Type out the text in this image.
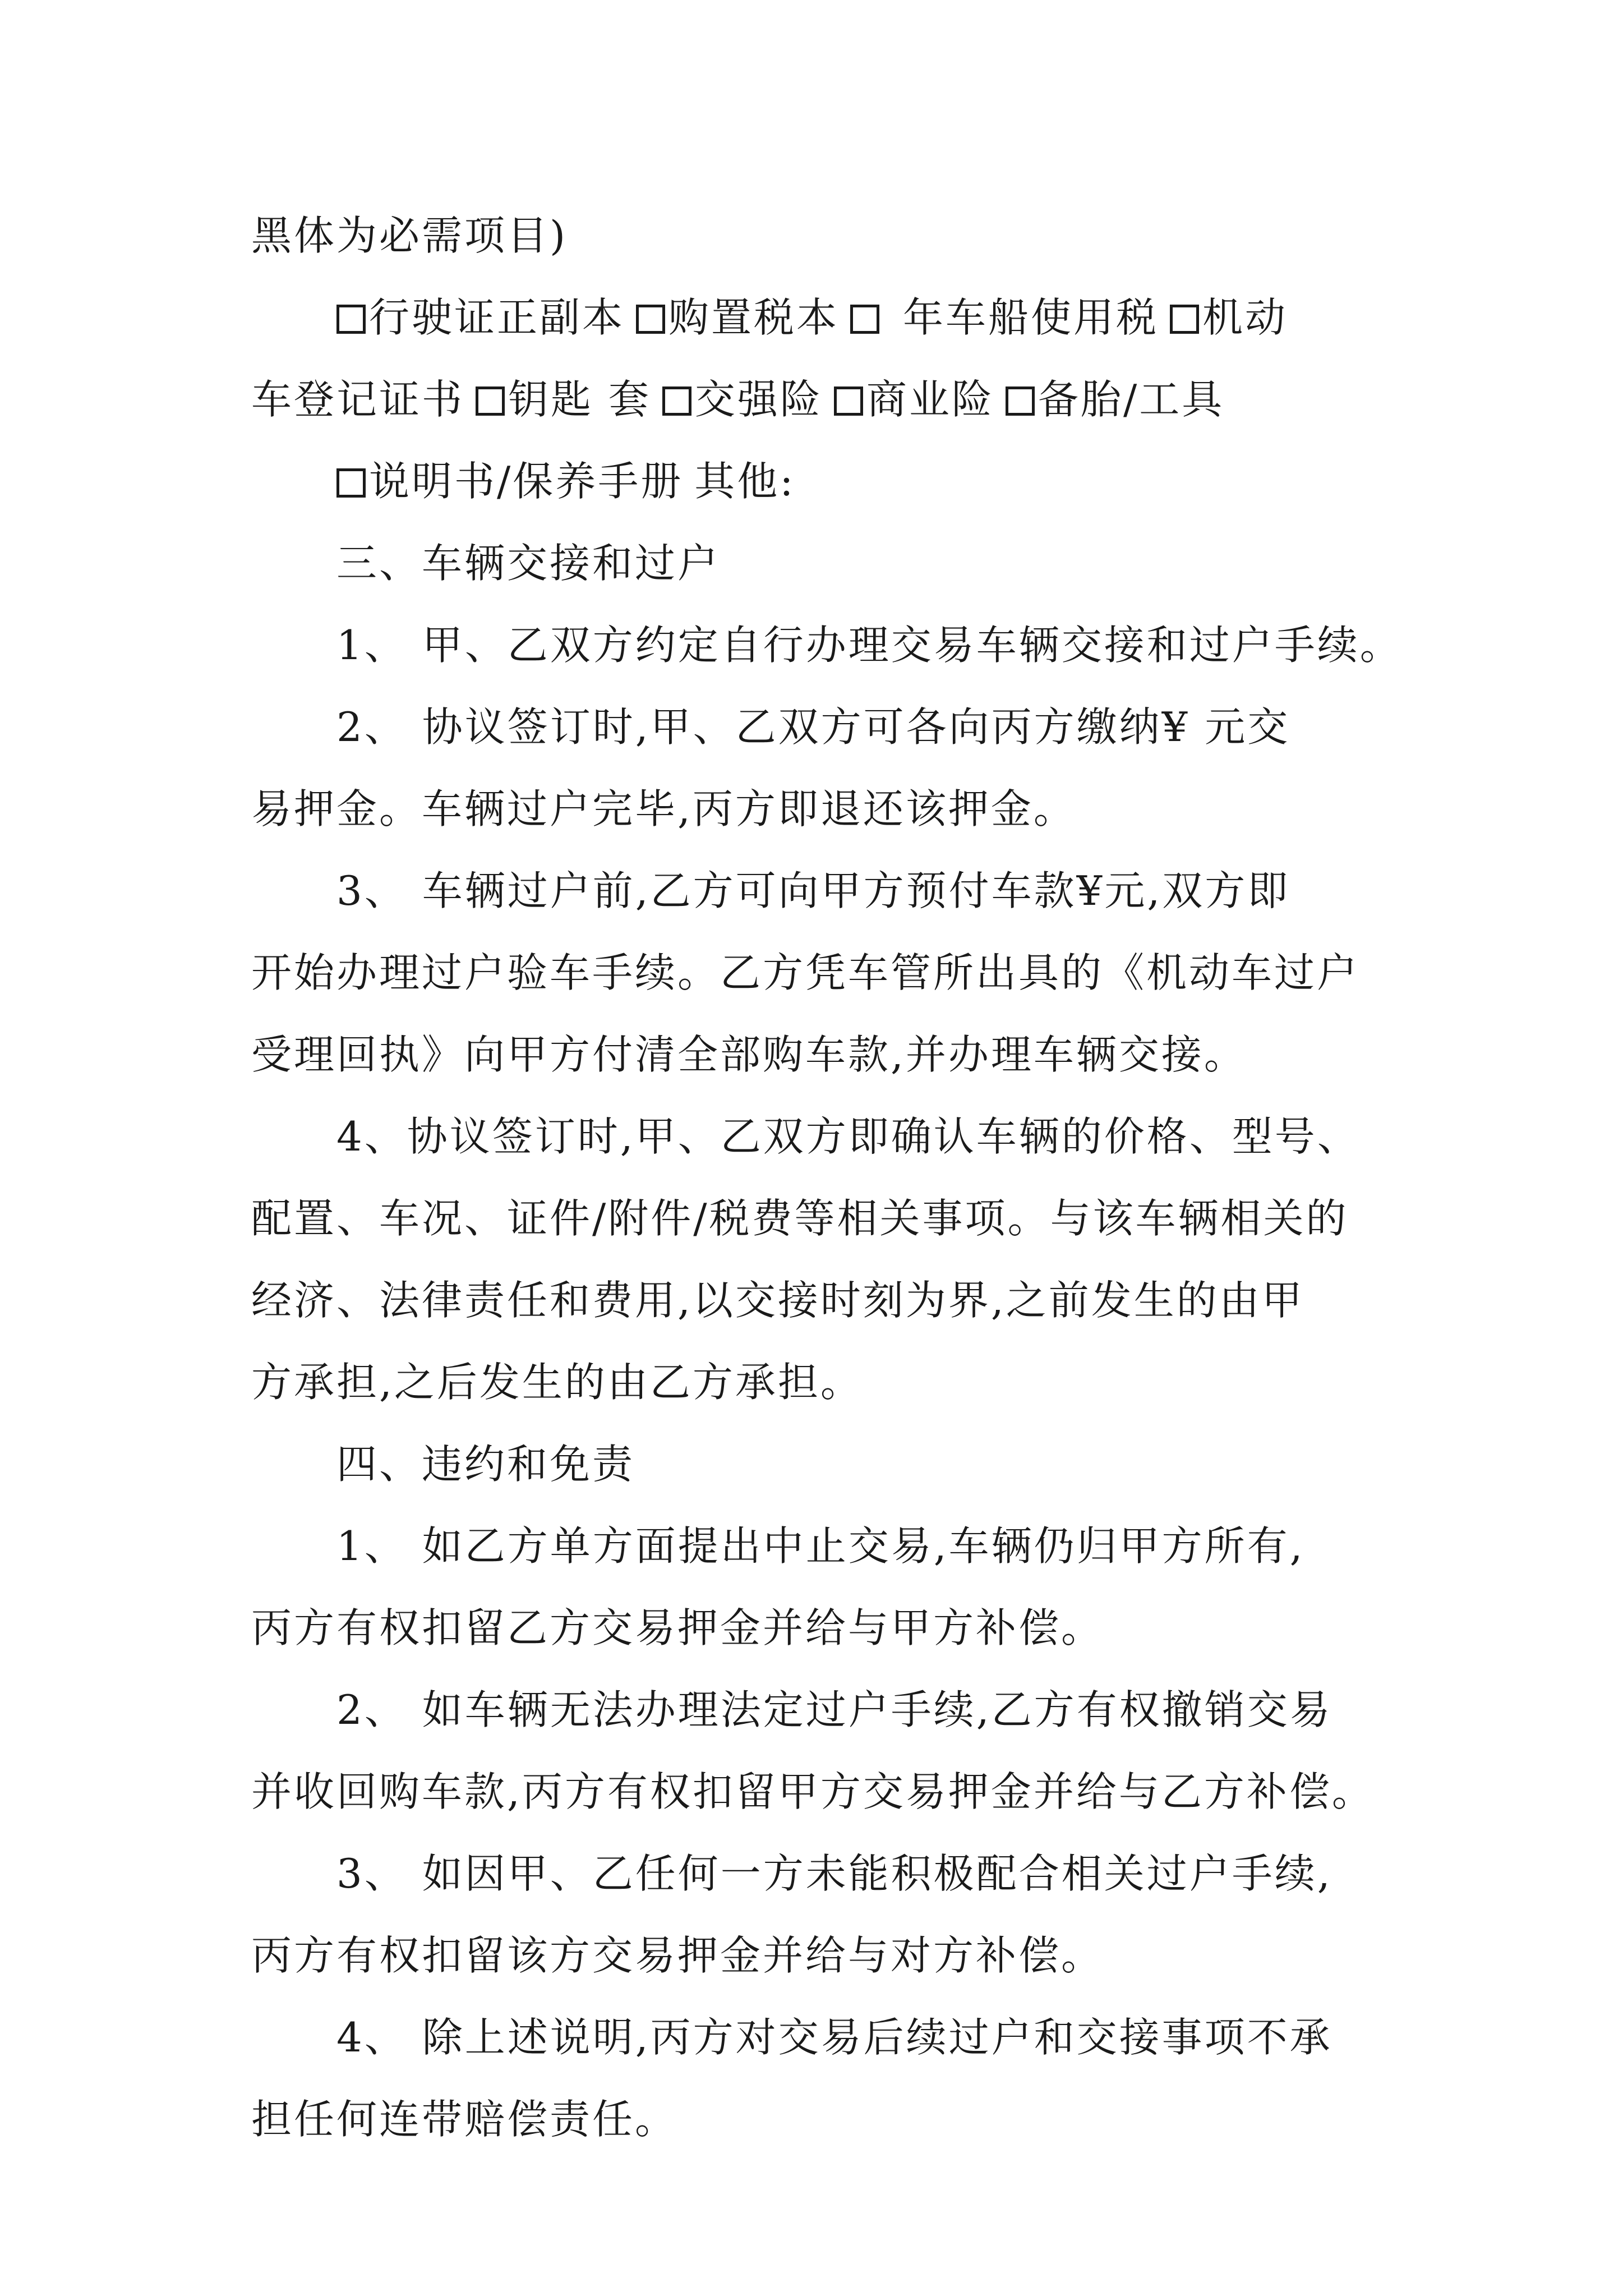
黑体为必需项目)
行驶证正副本 购置税本 年车船使用税 机动
车登记证书 钥匙 套 交强险 商业险 备胎/工具
说明书/保养手册 其他:
三、车辆交接和过户
1、 甲、乙双方约定自行办理交易车辆交接和过户手续。
2、 协议签订时,甲、乙双方可各向丙方缴纳¥ 元交
易押金。车辆过户完毕,丙方即退还该押金。
3、 车辆过户前,乙方可向甲方预付车款¥元,双方即
开始办理过户验车手续。乙方凭车管所出具的《机动车过户
受理回执》向甲方付清全部购车款,并办理车辆交接。
4、协议签订时,甲、乙双方即确认车辆的价格、型号、
配置、车况、证件/附件/税费等相关事项。与该车辆相关的
经济、法律责任和费用,以交接时刻为界,之前发生的由甲
方承担,之后发生的由乙方承担。
四、违约和免责
1、 如乙方单方面提出中止交易,车辆仍归甲方所有,
丙方有权扣留乙方交易押金并给与甲方补偿。
2、 如车辆无法办理法定过户手续,乙方有权撤销交易
并收回购车款,丙方有权扣留甲方交易押金并给与乙方补偿。
3、 如因甲、乙任何一方未能积极配合相关过户手续,
丙方有权扣留该方交易押金并给与对方补偿。
4、 除上述说明,丙方对交易后续过户和交接事项不承
担任何连带赔偿责任。
